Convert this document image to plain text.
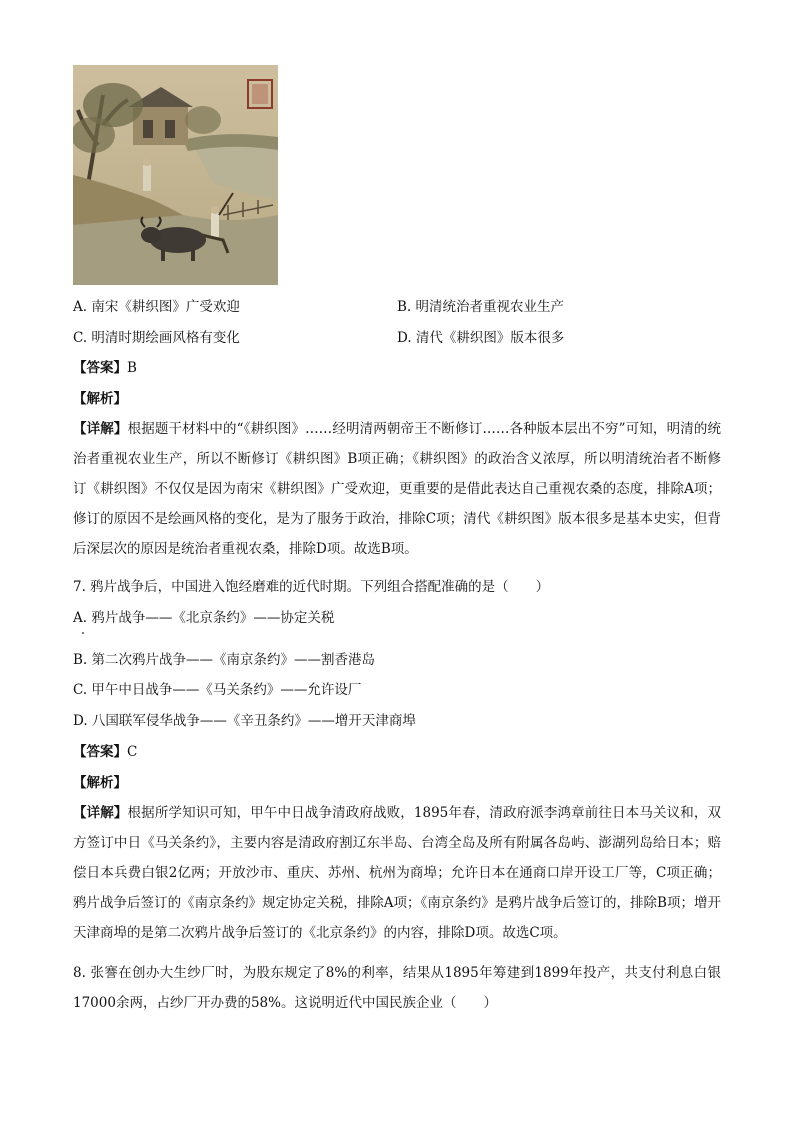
A. 南宋《耕织图》广受欢迎	B. 明清统治者重视农业生产
C. 明清时期绘画风格有变化	D. 清代《耕织图》版本很多
【答案】B
【解析】
【详解】根据题干材料中的“《耕织图》……经明清两朝帝王不断修订……各种版本层出不穷”可知，明清的统治者重视农业生产，所以不断修订《耕织图》B项正确；《耕织图》的政治含义浓厚，所以明清统治者不断修订《耕织图》不仅仅是因为南宋《耕织图》广受欢迎，更重要的是借此表达自己重视农桑的态度，排除A项；修订的原因不是绘画风格的变化，是为了服务于政治，排除C项；清代《耕织图》版本很多是基本史实，但背后深层次的原因是统治者重视农桑，排除D项。故选B项。
7. 鸦片战争后，中国进入饱经磨难的近代时期。下列组合搭配准确的是（　　）
A. 鸦片战争——《北京条约》——协定关税
B. 第二次鸦片战争——《南京条约》——割香港岛
C. 甲午中日战争——《马关条约》——允许设厂
D. 八国联军侵华战争——《辛丑条约》——增开天津商埠
【答案】C
【解析】
【详解】根据所学知识可知，甲午中日战争清政府战败，1895年春，清政府派李鸿章前往日本马关议和，双方签订中日《马关条约》，主要内容是清政府割辽东半岛、台湾全岛及所有附属各岛屿、澎湖列岛给日本；赔偿日本兵费白银2亿两；开放沙市、重庆、苏州、杭州为商埠；允许日本在通商口岸开设工厂等，C项正确；鸦片战争后签订的《南京条约》规定协定关税，排除A项；《南京条约》是鸦片战争后签订的，排除B项；增开天津商埠的是第二次鸦片战争后签订的《北京条约》的内容，排除D项。故选C项。
8. 张謇在创办大生纱厂时，为股东规定了8%的利率，结果从1895年筹建到1899年投产，共支付利息白银17000余两，占纱厂开办费的58%。这说明近代中国民族企业（　　）
